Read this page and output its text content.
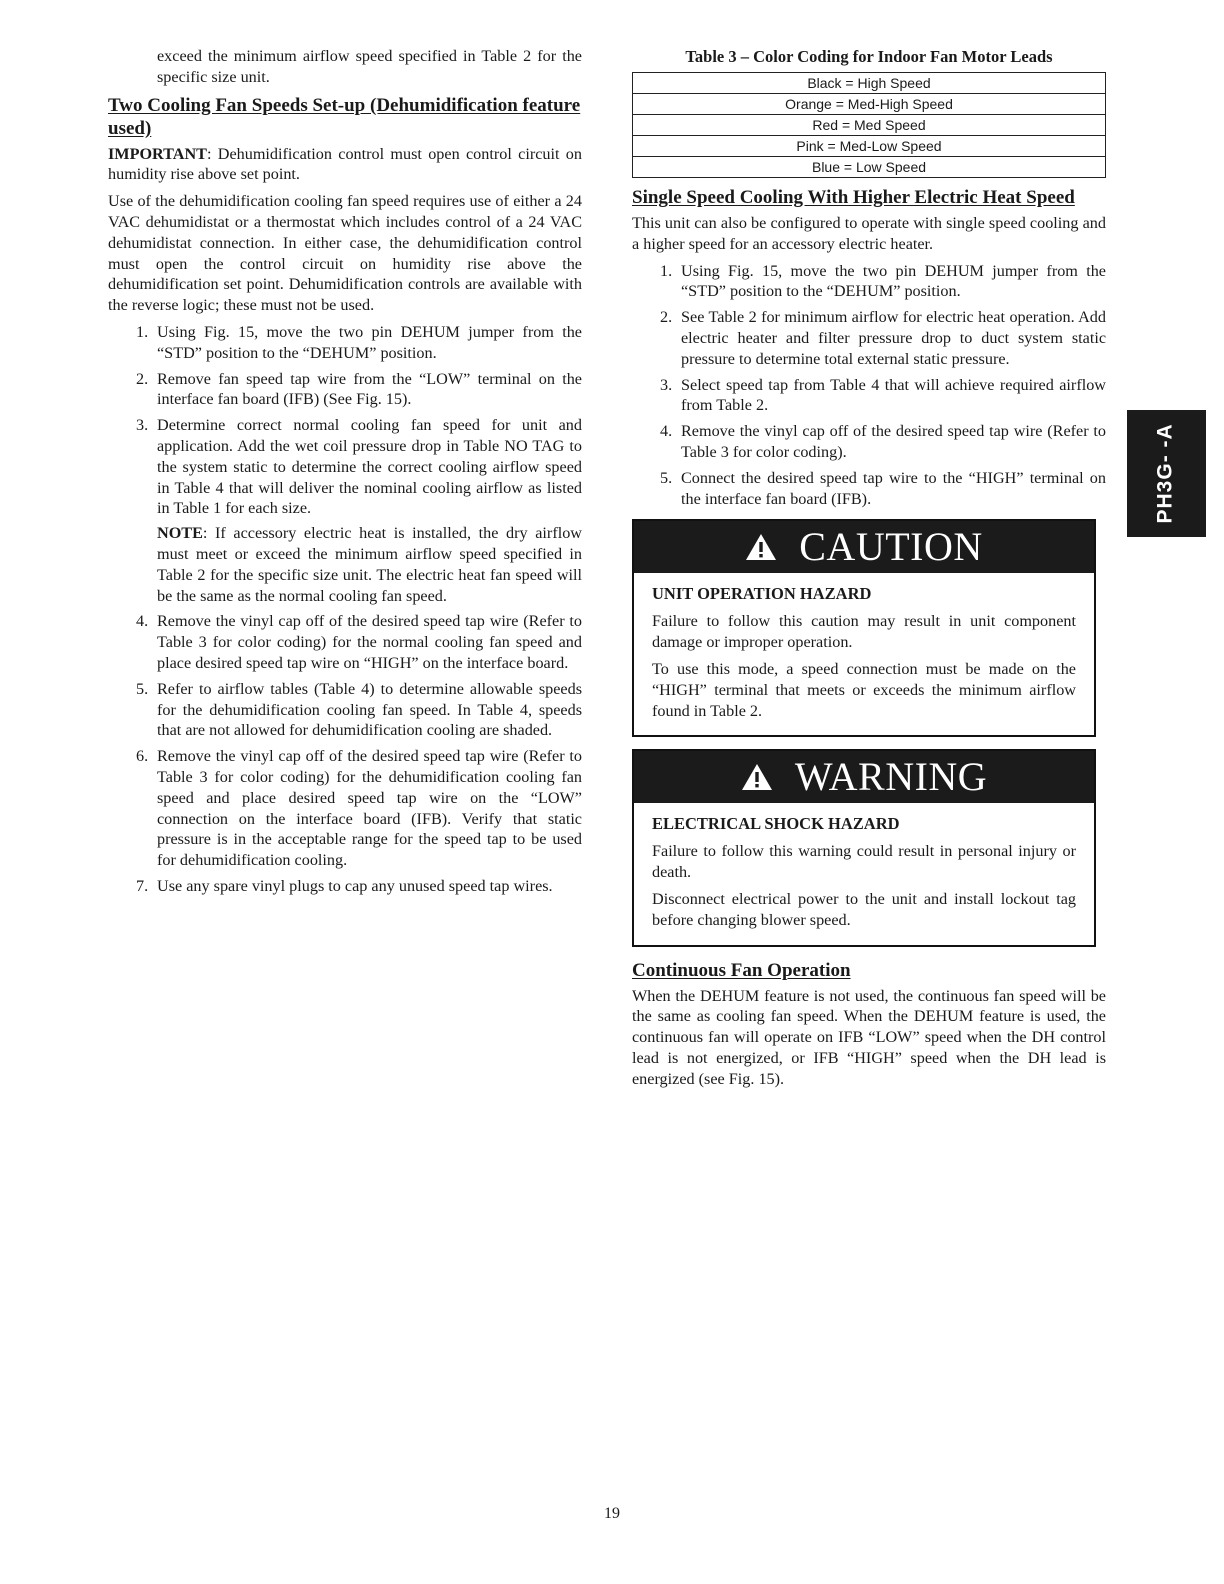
exceed the minimum airflow speed specified in Table 2 for the specific size unit.

Two Cooling Fan Speeds Set-up (Dehumidification feature used)

IMPORTANT: Dehumidification control must open control circuit on humidity rise above set point.

Use of the dehumidification cooling fan speed requires use of either a 24 VAC dehumidistat or a thermostat which includes control of a 24 VAC dehumidistat connection. In either case, the dehumidification control must open the control circuit on humidity rise above the dehumidification set point. Dehumidification controls are available with the reverse logic; these must not be used.

1. Using Fig. 15, move the two pin DEHUM jumper from the “STD” position to the “DEHUM” position.
2. Remove fan speed tap wire from the “LOW” terminal on the interface fan board (IFB) (See Fig. 15).
3. Determine correct normal cooling fan speed for unit and application. Add the wet coil pressure drop in Table NO TAG to the system static to determine the correct cooling airflow speed in Table 4 that will deliver the nominal cooling airflow as listed in Table 1 for each size.

NOTE: If accessory electric heat is installed, the dry airflow must meet or exceed the minimum airflow speed specified in Table 2 for the specific size unit. The electric heat fan speed will be the same as the normal cooling fan speed.

4. Remove the vinyl cap off of the desired speed tap wire (Refer to Table 3 for color coding) for the normal cooling fan speed and place desired speed tap wire on “HIGH” on the interface board.
5. Refer to airflow tables (Table 4) to determine allowable speeds for the dehumidification cooling fan speed. In Table 4, speeds that are not allowed for dehumidification cooling are shaded.
6. Remove the vinyl cap off of the desired speed tap wire (Refer to Table 3 for color coding) for the dehumidification cooling fan speed and place desired speed tap wire on the “LOW” connection on the interface board (IFB). Verify that static pressure is in the acceptable range for the speed tap to be used for dehumidification cooling.
7. Use any spare vinyl plugs to cap any unused speed tap wires.
Table 3 – Color Coding for Indoor Fan Motor Leads
Black = High Speed
Orange = Med-High Speed
Red = Med Speed
Pink = Med-Low Speed
Blue = Low Speed
Single Speed Cooling With Higher Electric Heat Speed

This unit can also be configured to operate with single speed cooling and a higher speed for an accessory electric heater.

1. Using Fig. 15, move the two pin DEHUM jumper from the “STD” position to the “DEHUM” position.
2. See Table 2 for minimum airflow for electric heat operation. Add electric heater and filter pressure drop to duct system static pressure to determine total external static pressure.
3. Select speed tap from Table 4 that will achieve required airflow from Table 2.
4. Remove the vinyl cap off of the desired speed tap wire (Refer to Table 3 for color coding).
5. Connect the desired speed tap wire to the “HIGH” terminal on the interface fan board (IFB).
CAUTION
UNIT OPERATION HAZARD

Failure to follow this caution may result in unit component damage or improper operation.

To use this mode, a speed connection must be made on the “HIGH” terminal that meets or exceeds the minimum airflow found in Table 2.

WARNING
ELECTRICAL SHOCK HAZARD

Failure to follow this warning could result in personal injury or death.

Disconnect electrical power to the unit and install lockout tag before changing blower speed.

Continuous Fan Operation

When the DEHUM feature is not used, the continuous fan speed will be the same as cooling fan speed. When the DEHUM feature is used, the continuous fan will operate on IFB “LOW” speed when the DH control lead is not energized, or IFB “HIGH” speed when the DH lead is energized (see Fig. 15).

PH3G- -A
19
